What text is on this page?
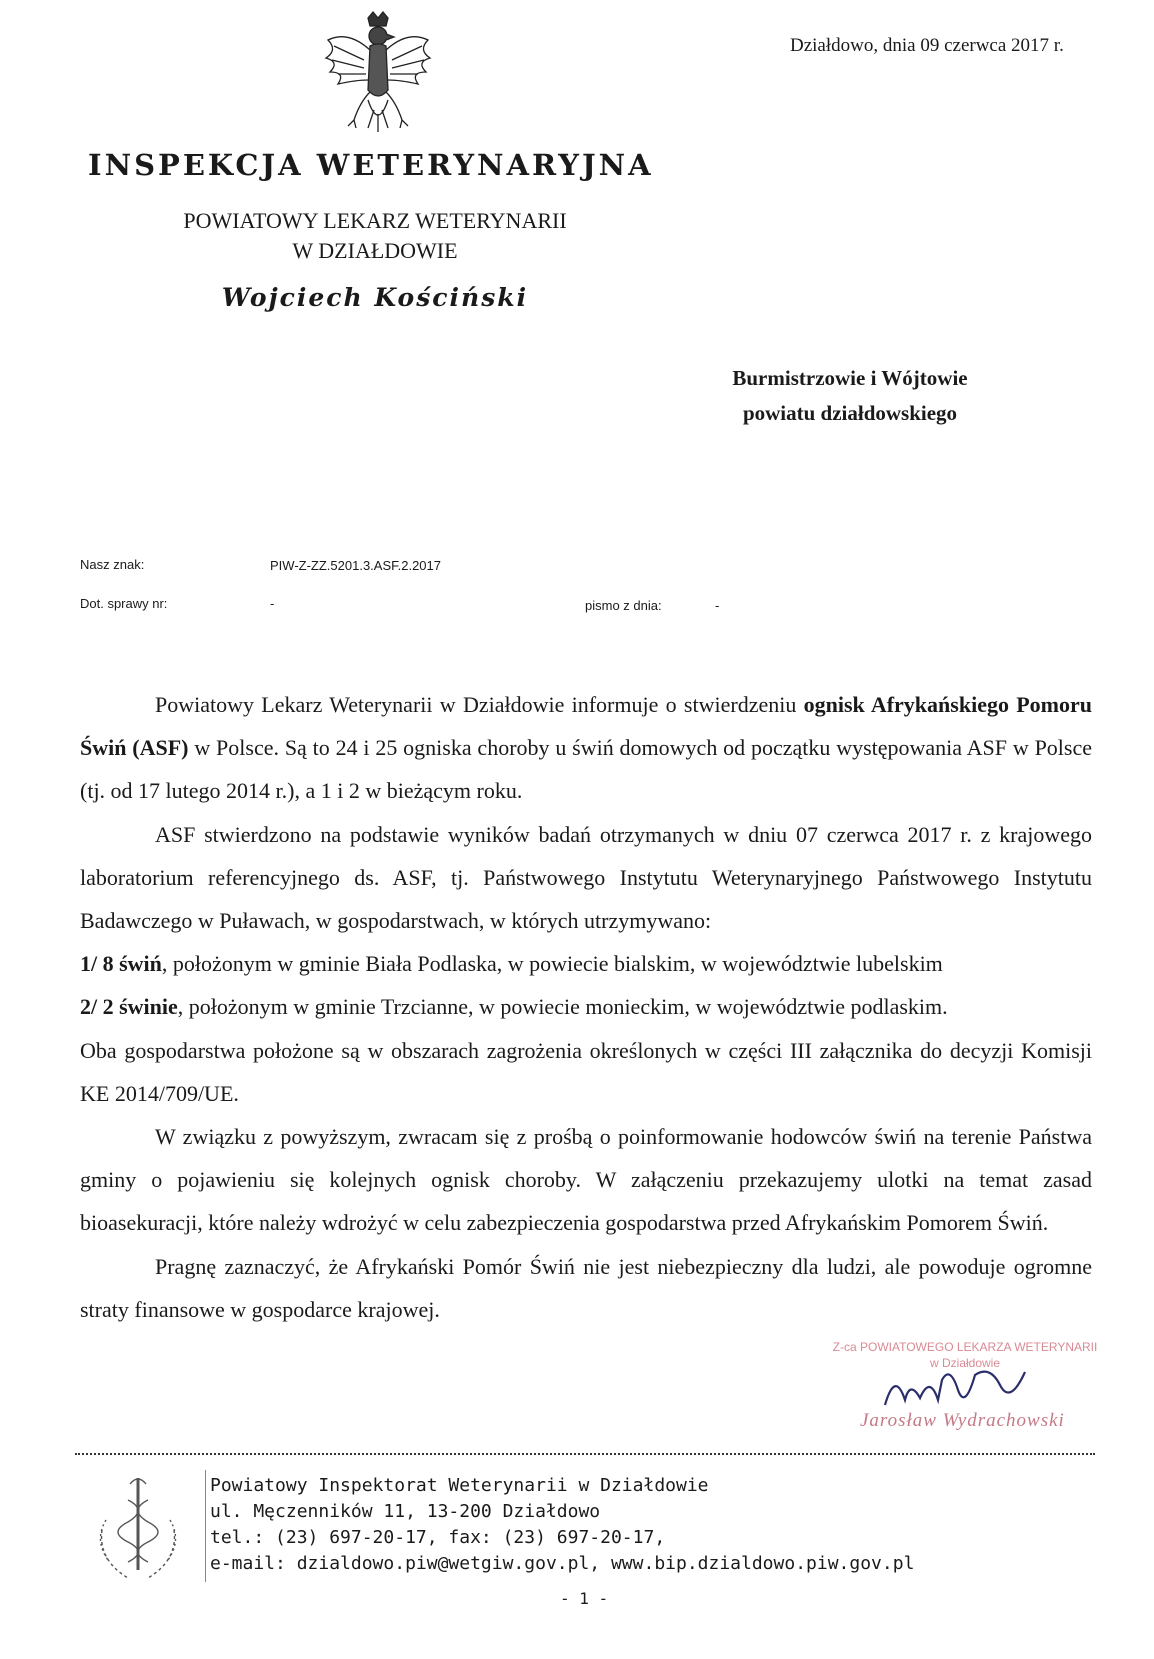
Działdowo, dnia 09 czerwca 2017 r.
INSPEKCJA WETERYNARYJNA
POWIATOWY LEKARZ WETERYNARII
W DZIAŁDOWIE
Wojciech Kościński
Burmistrzowie i Wójtowie
powiatu działdowskiego
Nasz znak:	PIW-Z-ZZ.5201.3.ASF.2.2017
Dot. sprawy nr:	-	pismo z dnia:	-

Powiatowy Lekarz Weterynarii w Działdowie informuje o stwierdzeniu ognisk Afrykańskiego Pomoru Świń (ASF) w Polsce. Są to 24 i 25 ogniska choroby u świń domowych od początku występowania ASF w Polsce (tj. od 17 lutego 2014 r.), a 1 i 2 w bieżącym roku.

ASF stwierdzono na podstawie wyników badań otrzymanych w dniu 07 czerwca 2017 r. z krajowego laboratorium referencyjnego ds. ASF, tj. Państwowego Instytutu Weterynaryjnego Państwowego Instytutu Badawczego w Puławach, w gospodarstwach, w których utrzymywano:

1/ 8 świń, położonym w gminie Biała Podlaska, w powiecie bialskim, w województwie lubelskim

2/ 2 świnie, położonym w gminie Trzcianne, w powiecie monieckim, w województwie podlaskim.

Oba gospodarstwa położone są w obszarach zagrożenia określonych w części III załącznika do decyzji Komisji KE 2014/709/UE.

W związku z powyższym, zwracam się z prośbą o poinformowanie hodowców świń na terenie Państwa gminy o pojawieniu się kolejnych ognisk choroby. W załączeniu przekazujemy ulotki na temat zasad bioasekuracji, które należy wdrożyć w celu zabezpieczenia gospodarstwa przed Afrykańskim Pomorem Świń.

Pragnę zaznaczyć, że Afrykański Pomór Świń nie jest niebezpieczny dla ludzi, ale powoduje ogromne straty finansowe w gospodarce krajowej.

Z-ca POWIATOWEGO LEKARZA WETERYNARII
w Działdowie
Jarosław Wydrachowski
Powiatowy Inspektorat Weterynarii w Działdowie
ul. Męczenników 11, 13-200 Działdowo
tel.: (23) 697-20-17, fax: (23) 697-20-17,
e-mail: dzialdowo.piw@wetgiw.gov.pl, www.bip.dzialdowo.piw.gov.pl
- 1 -
